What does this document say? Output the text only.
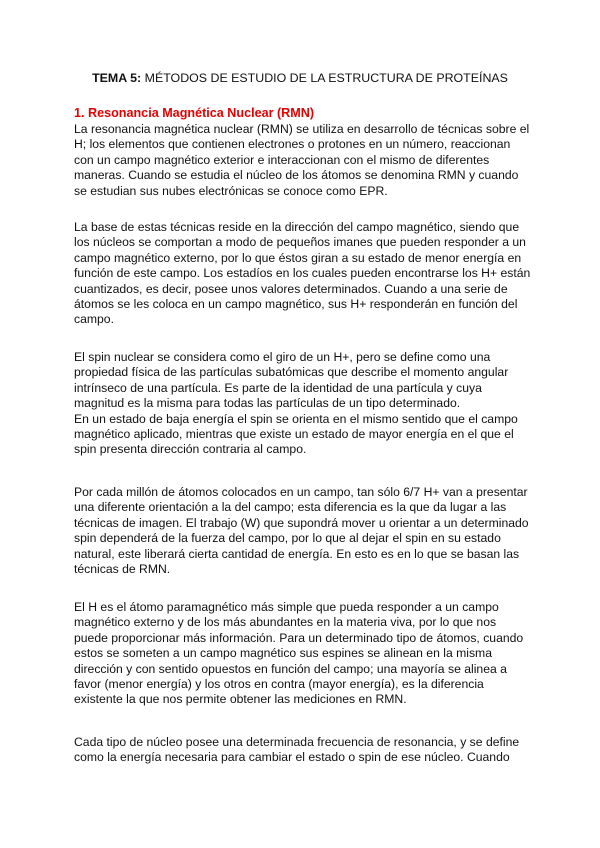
TEMA 5: MÉTODOS DE ESTUDIO DE LA ESTRUCTURA DE PROTEÍNAS
1. Resonancia Magnética Nuclear (RMN)
La resonancia magnética nuclear (RMN) se utiliza en desarrollo de técnicas sobre el
H; los elementos que contienen electrones o protones en un número, reaccionan
con un campo magnético exterior e interaccionan con el mismo de diferentes
maneras. Cuando se estudia el núcleo de los átomos se denomina RMN y cuando
se estudian sus nubes electrónicas se conoce como EPR.
La base de estas técnicas reside en la dirección del campo magnético, siendo que
los núcleos se comportan a modo de pequeños imanes que pueden responder a un
campo magnético externo, por lo que éstos giran a su estado de menor energía en
función de este campo. Los estadíos en los cuales pueden encontrarse los H+ están
cuantizados, es decir, posee unos valores determinados. Cuando a una serie de
átomos se les coloca en un campo magnético, sus H+ responderán en función del
campo.
El spin nuclear se considera como el giro de un H+, pero se define como una
propiedad física de las partículas subatómicas que describe el momento angular
intrínseco de una partícula. Es parte de la identidad de una partícula y cuya
magnitud es la misma para todas las partículas de un tipo determinado.
En un estado de baja energía el spin se orienta en el mismo sentido que el campo
magnético aplicado, mientras que existe un estado de mayor energía en el que el
spin presenta dirección contraria al campo.
Por cada millón de átomos colocados en un campo, tan sólo 6/7 H+ van a presentar
una diferente orientación a la del campo; esta diferencia es la que da lugar a las
técnicas de imagen. El trabajo (W) que supondrá mover u orientar a un determinado
spin dependerá de la fuerza del campo, por lo que al dejar el spin en su estado
natural, este liberará cierta cantidad de energía. En esto es en lo que se basan las
técnicas de RMN.
El H es el átomo paramagnético más simple que pueda responder a un campo
magnético externo y de los más abundantes en la materia viva, por lo que nos
puede proporcionar más información. Para un determinado tipo de átomos, cuando
estos se someten a un campo magnético sus espines se alinean en la misma
dirección y con sentido opuestos en función del campo; una mayoría se alinea a
favor (menor energía) y los otros en contra (mayor energía), es la diferencia
existente la que nos permite obtener las mediciones en RMN.
Cada tipo de núcleo posee una determinada frecuencia de resonancia, y se define
como la energía necesaria para cambiar el estado o spin de ese núcleo. Cuando
